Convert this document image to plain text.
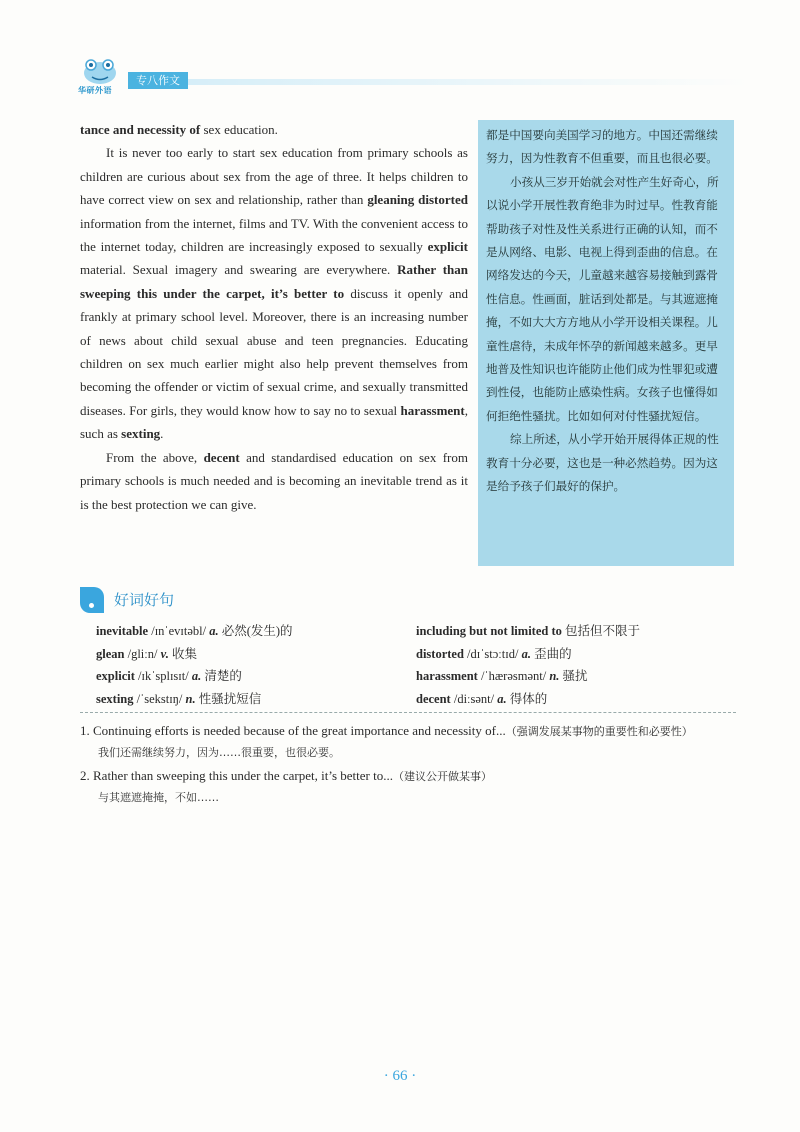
华研外语
专八作文

tance and necessity of sex education.

It is never too early to start sex education from primary schools as children are curious about sex from the age of three. It helps children to have correct view on sex and relationship, rather than gleaning distorted information from the internet, films and TV. With the convenient access to the internet today, children are increasingly exposed to sexually explicit material. Sexual imagery and swearing are everywhere. Rather than sweeping this under the carpet, it’s better to discuss it openly and frankly at primary school level. Moreover, there is an increasing number of news about child sexual abuse and teen pregnancies. Educating children on sex much earlier might also help prevent themselves from becoming the offender or victim of sexual crime, and sexually transmitted diseases. For girls, they would know how to say no to sexual harassment, such as sexting.

From the above, decent and standardised education on sex from primary schools is much needed and is becoming an inevitable trend as it is the best protection we can give.

都是中国要向美国学习的地方。中国还需继续努力，因为性教育不但重要，而且也很必要。

小孩从三岁开始就会对性产生好奇心，所以说小学开展性教育绝非为时过早。性教育能帮助孩子对性及性关系进行正确的认知，而不是从网络、电影、电视上得到歪曲的信息。在网络发达的今天，儿童越来越容易接触到露骨性信息。性画面，脏话到处都是。与其遮遮掩掩，不如大大方方地从小学开设相关课程。儿童性虐待，未成年怀孕的新闻越来越多。更早地普及性知识也许能防止他们成为性罪犯或遭到性侵，也能防止感染性病。女孩子也懂得如何拒绝性骚扰。比如如何对付性骚扰短信。

综上所述，从小学开始开展得体正规的性教育十分必要，这也是一种必然趋势。因为这是给予孩子们最好的保护。

好词好句
inevitable /ɪnˈevɪtəbl/ a. 必然(发生)的	including but not limited to 包括但不限于
glean /gliːn/ v. 收集	distorted /dɪˈstɔːtɪd/ a. 歪曲的
explicit /ɪkˈsplɪsɪt/ a. 清楚的	harassment /ˈhærəsmənt/ n. 骚扰
sexting /ˈsekstɪŋ/ n. 性骚扰短信	decent /diːsənt/ a. 得体的
1. Continuing efforts is needed because of the great importance and necessity of...（强调发展某事物的重要性和必要性）
我们还需继续努力，因为……很重要，也很必要。
2. Rather than sweeping this under the carpet, it’s better to...（建议公开做某事）
与其遮遮掩掩，不如……
· 66 ·
